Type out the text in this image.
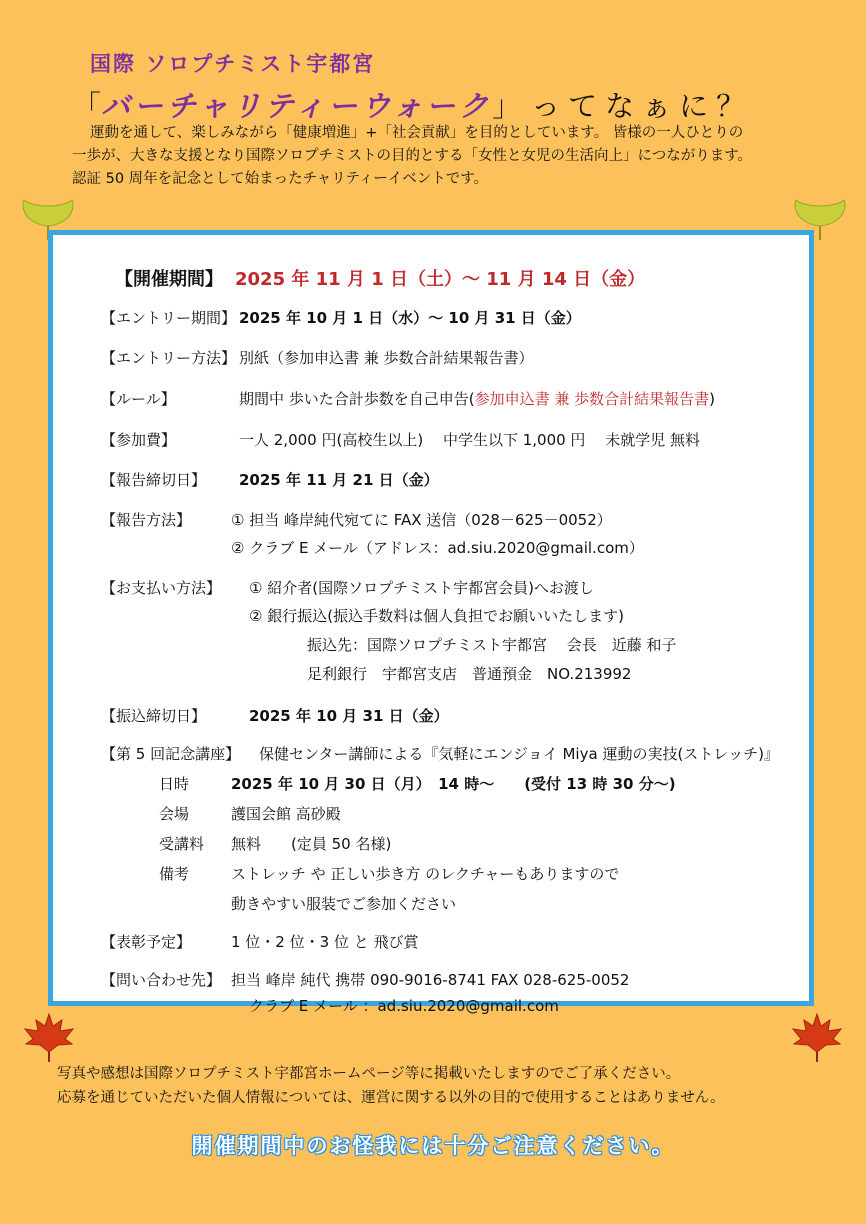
国際 ソロプチミスト宇都宮
「バーチャリティーウォーク」 ってなぁに？
運動を通して、楽しみながら「健康増進」+「社会貢献」を目的としています。 皆様の一人ひとりの
一歩が、大きな支援となり国際ソロプチミストの目的とする「女性と女児の生活向上」につながります。
認証 50 周年を記念として始まったチャリティーイベントです。
【開催期間】 2025 年 11 月 1 日（土）～ 11 月 14 日（金）
【エントリー期間】 2025 年 10 月 1 日（水）～ 10 月 31 日（金）
【エントリー方法】 別紙（参加申込書 兼 歩数合計結果報告書）
【ルール】	期間中 歩いた合計歩数を自己申告(参加申込書 兼 歩数合計結果報告書)
【参加費】	一人 2,000 円(高校生以上)　 中学生以下 1,000 円　 未就学児 無料
【報告締切日】 2025 年 11 月 21 日（金）
【報告方法】	① 担当 峰岸純代宛てに FAX 送信（028－625－0052）
② クラブ E メール（アドレス：ad.siu.2020@gmail.com）
【お支払い方法】 ① 紹介者(国際ソロプチミスト宇都宮会員)へお渡し
② 銀行振込(振込手数料は個人負担でお願いいたします)
振込先：国際ソロプチミスト宇都宮　 会長　近藤 和子
足利銀行　宇都宮支店　普通預金　NO.213992
【振込締切日】	2025 年 10 月 31 日（金）
【第 5 回記念講座】 保健センター講師による『気軽にエンジョイ Miya 運動の実技(ストレッチ)』
日時	2025 年 10 月 30 日（月）　14 時～　　(受付 13 時 30 分～)
会場	護国会館 高砂殿
受講料 無料　　(定員 50 名様)
備考	ストレッチ や 正しい歩き方 のレクチャーもありますので
動きやすい服装でご参加ください
【表彰予定】	1 位・2 位・3 位 と 飛び賞
【問い合わせ先】 担当 峰岸 純代 携帯 090-9016-8741 FAX 028-625-0052
クラブ E メール ：ad.siu.2020@gmail.com
写真や感想は国際ソロプチミスト宇都宮ホームページ等に掲載いたしますのでご了承ください。
応募を通じていただいた個人情報については、運営に関する以外の目的で使用することはありません。
開催期間中のお怪我には十分ご注意ください。
